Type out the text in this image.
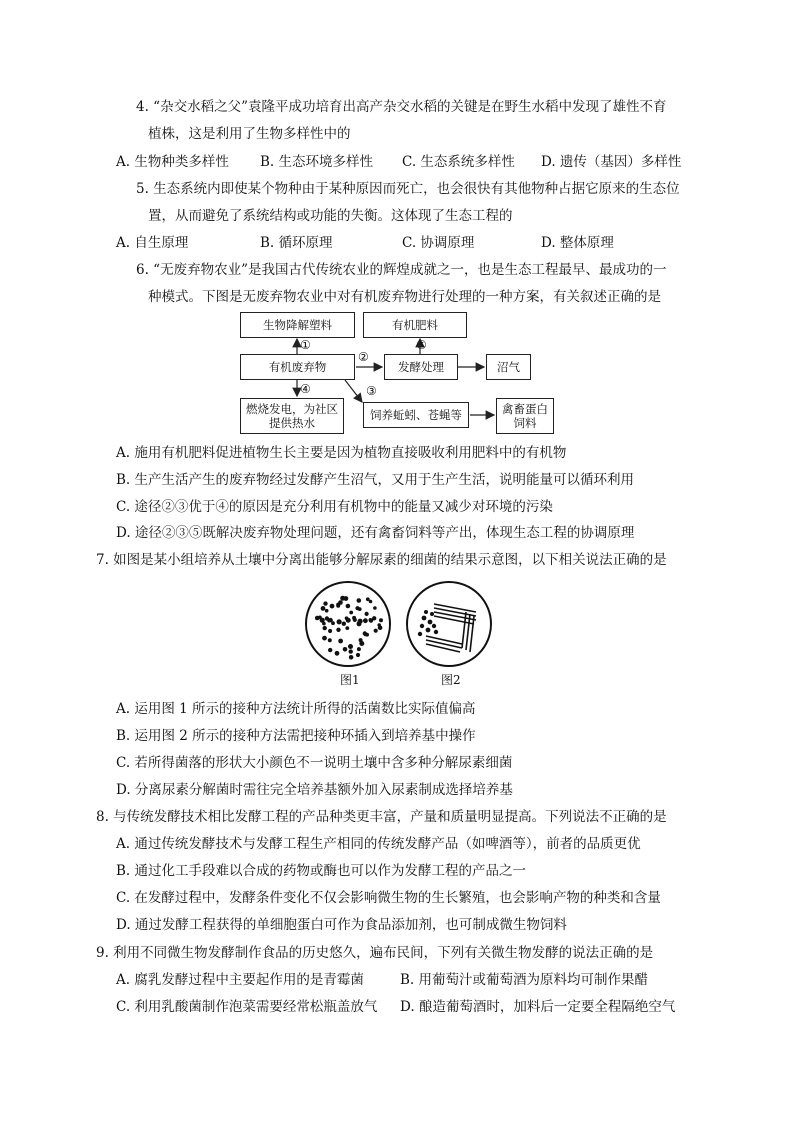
4. “杂交水稻之父”袁隆平成功培育出高产杂交水稻的关键是在野生水稻中发现了雄性不育
植株，这是利用了生物多样性中的
A. 生物种类多样性 B. 生态环境多样性 C. 生态系统多样性 D. 遗传（基因）多样性
5. 生态系统内即使某个物种由于某种原因而死亡，也会很快有其他物种占据它原来的生态位
置，从而避免了系统结构或功能的失衡。这体现了生态工程的
A. 自生原理	B. 循环原理	C. 协调原理	D. 整体原理
6. “无废弃物农业”是我国古代传统农业的辉煌成就之一，也是生态工程最早、最成功的一
种模式。下图是无废弃物农业中对有机废弃物进行处理的一种方案，有关叙述正确的是
生物降解塑料	有机肥料
有机废弃物	发酵处理	沼气
燃烧发电，为社区
提供热水
饲养蚯蚓、苍蝇等	禽畜蛋白
饲料
①	⑤
②
④	③
A. 施用有机肥料促进植物生长主要是因为植物直接吸收利用肥料中的有机物
B. 生产生活产生的废弃物经过发酵产生沼气，又用于生产生活，说明能量可以循环利用
C. 途径②③优于④的原因是充分利用有机物中的能量又减少对环境的污染
D. 途径②③⑤既解决废弃物处理问题，还有禽畜饲料等产出，体现生态工程的协调原理
7. 如图是某小组培养从土壤中分离出能够分解尿素的细菌的结果示意图，以下相关说法正确的是
图1	图2
A. 运用图 1 所示的接种方法统计所得的活菌数比实际值偏高
B. 运用图 2 所示的接种方法需把接种环插入到培养基中操作
C. 若所得菌落的形状大小颜色不一说明土壤中含多种分解尿素细菌
D. 分离尿素分解菌时需往完全培养基额外加入尿素制成选择培养基
8. 与传统发酵技术相比发酵工程的产品种类更丰富，产量和质量明显提高。下列说法不正确的是
A. 通过传统发酵技术与发酵工程生产相同的传统发酵产品（如啤酒等），前者的品质更优
B. 通过化工手段难以合成的药物或酶也可以作为发酵工程的产品之一
C. 在发酵过程中，发酵条件变化不仅会影响微生物的生长繁殖，也会影响产物的种类和含量
D. 通过发酵工程获得的单细胞蛋白可作为食品添加剂，也可制成微生物饲料
9. 利用不同微生物发酵制作食品的历史悠久，遍布民间，下列有关微生物发酵的说法正确的是
A. 腐乳发酵过程中主要起作用的是青霉菌	B. 用葡萄汁或葡萄酒为原料均可制作果醋
C. 利用乳酸菌制作泡菜需要经常松瓶盖放气 D. 酿造葡萄酒时，加料后一定要全程隔绝空气
